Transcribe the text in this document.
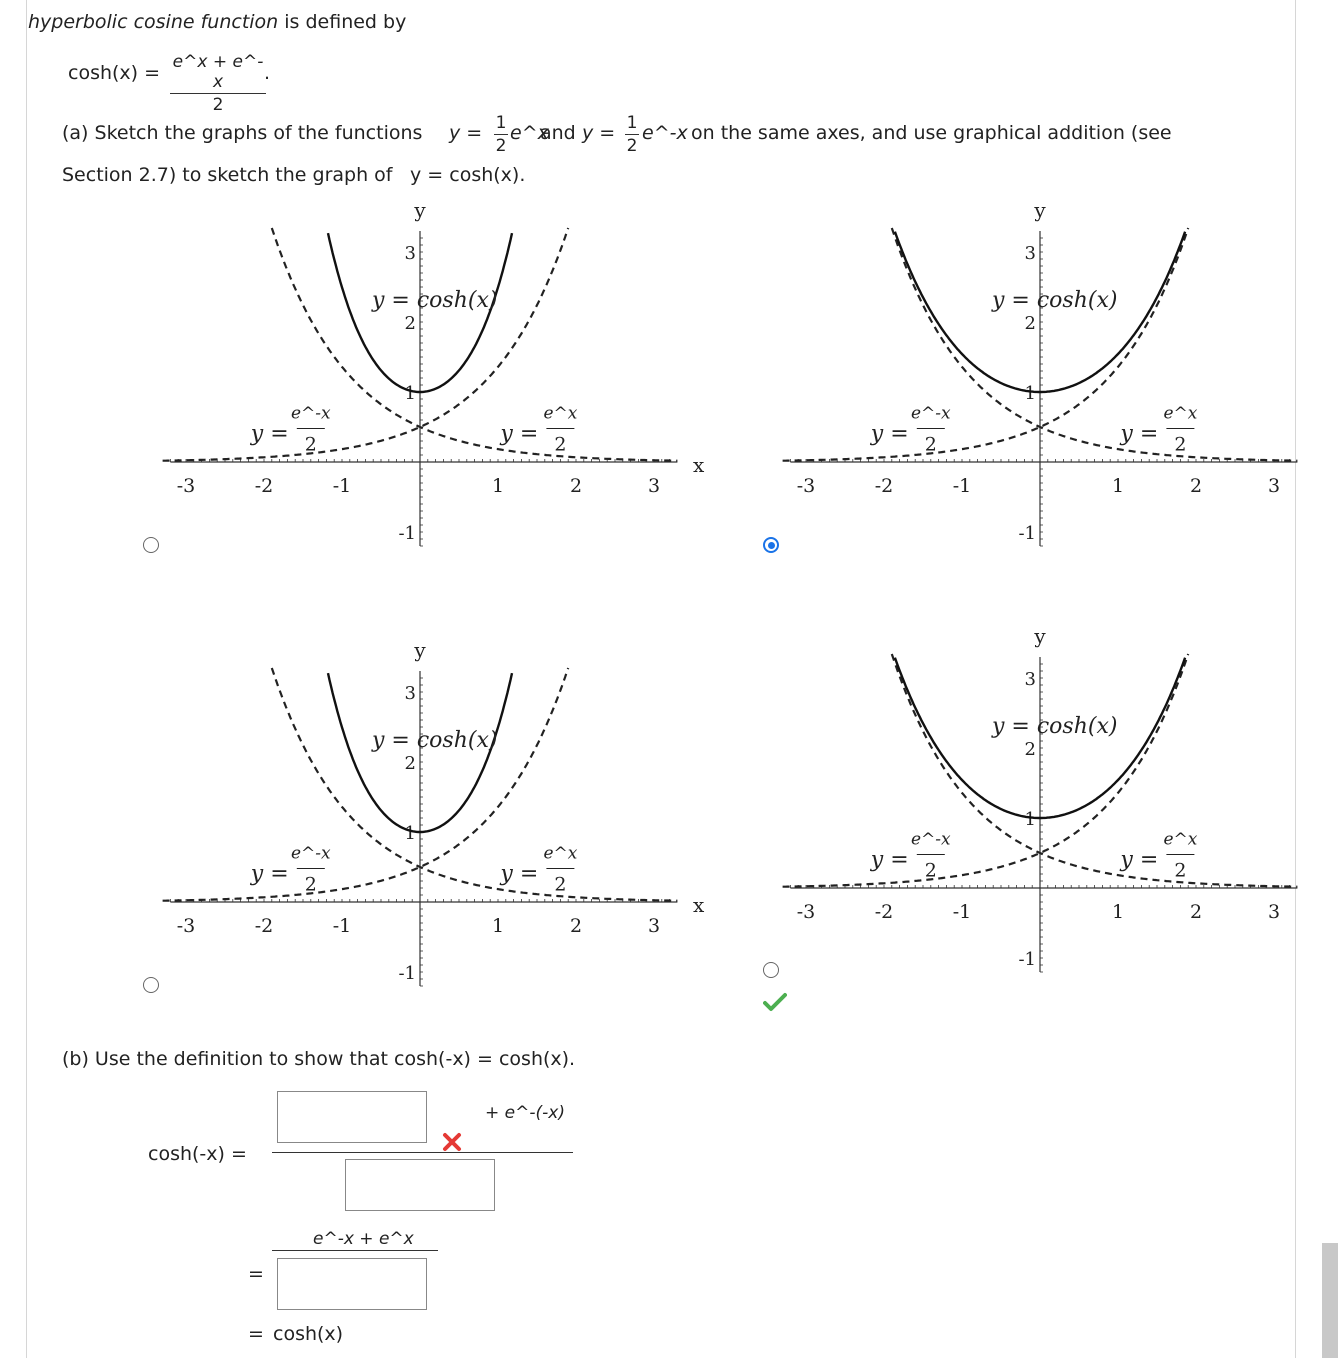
hyperbolic cosine function is defined by
cosh(x) = e^x + e^-x
2
.
(a) Sketch the graphs of the functions y = 1
2
e^x
and y = 1
2
e^-x on the same axes, and use graphical addition (see
Section 2.7) to sketch the graph of y = cosh(x).
-3	-2	-1	1	2	3
3
2
1
-1
y
x
y = cosh(x)
y =
e^-x
2	y =
e^x
2
-3	-2	-1	1	2	3
3
2
1
-1
y
y = cosh(x)
y =
e^-x
2	y =
e^x
2
-3	-2	-1	1	2	3
3
2
1
-1
y
x
y = cosh(x)
y =
e^-x
2	y =
e^x
2
-3	-2	-1	1	2	3
3
2
1
-1
y
y = cosh(x)
y =
e^-x
2	y =
e^x
2
(b) Use the definition to show that cosh(-x) = cosh(x).
cosh(-x) =
+ e^-(-x)
=
e^-x + e^x
= cosh(x)
